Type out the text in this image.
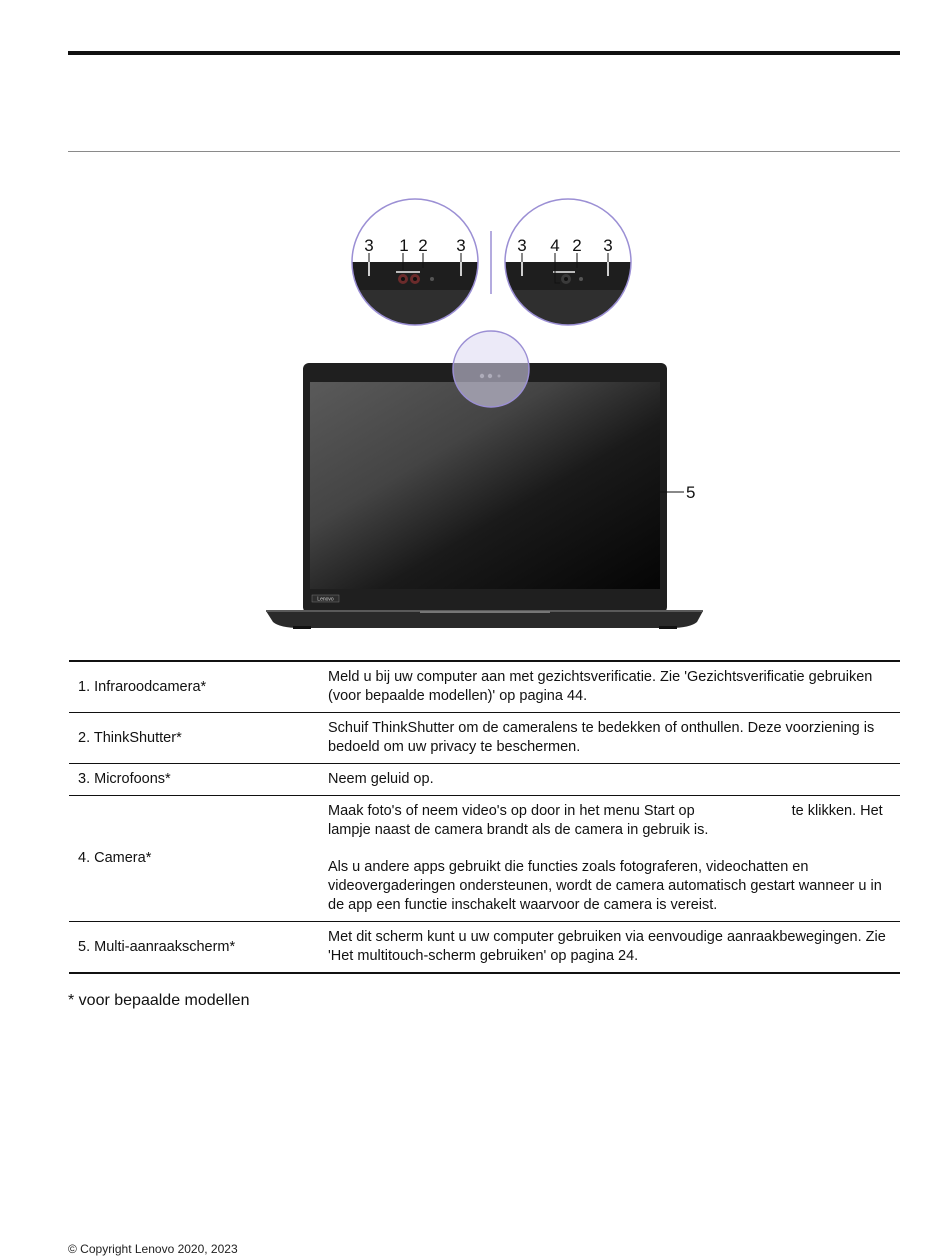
3 1 2 3	3 4 2 3
Lenovo
5
1. Infraroodcamera*	Meld u bij uw computer aan met gezichtsverificatie. Zie 'Gezichtsverificatie gebruiken (voor bepaalde modellen)' op pagina 44.

2. ThinkShutter*	Schuif ThinkShutter om de cameralens te bedekken of onthullen. Deze voorziening is bedoeld om uw privacy te beschermen.

3. Microfoons*	Neem geluid op.

4. Camera*	Maak foto's of neem video's op door in het menu Start op te klikken. Het lampje naast de camera brandt als de camera in gebruik is.

Als u andere apps gebruikt die functies zoals fotograferen, videochatten en videovergaderingen ondersteunen, wordt de camera automatisch gestart wanneer u in de app een functie inschakelt waarvoor de camera is vereist.

5. Multi-aanraakscherm*	Met dit scherm kunt u uw computer gebruiken via eenvoudige aanraakbewegingen. Zie 'Het multitouch-scherm gebruiken' op pagina 24.

* voor bepaalde modellen
© Copyright Lenovo 2020, 2023
